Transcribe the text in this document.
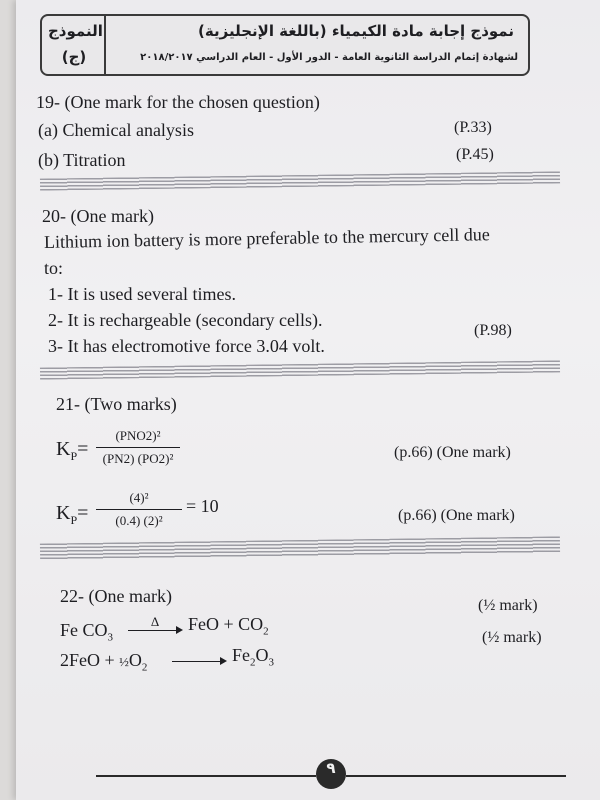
النموذج
(ج)
نموذج إجابة مادة الكيمياء (باللغة الإنجليزية)
لشهادة إتمام الدراسة الثانوية العامة - الدور الأول - العام الدراسي ٢٠١٨/٢٠١٧
19- (One mark for the chosen question)
(a) Chemical analysis	(P.33)
(b) Titration	(P.45)
20- (One mark)
Lithium ion battery is more preferable to the mercury cell due
to:
1- It is used several times.
2- It is rechargeable (secondary cells).
3- It has electromotive force 3.04 volt.
(P.98)
21- (Two marks)
$K_P=$
(PNO2)²
(PN2) (PO2)²	(p.66) (One mark)
$K_P=$
(4)²
(0.4) (2)²
= 10	(p.66) (One mark)
22- (One mark)	(½ mark)
Fe $CO_3$
Δ	FeO + $CO_2$	(½ mark)
$2FeO + \frac{1}{2}O_2$
$Fe_2O_3$
٩
